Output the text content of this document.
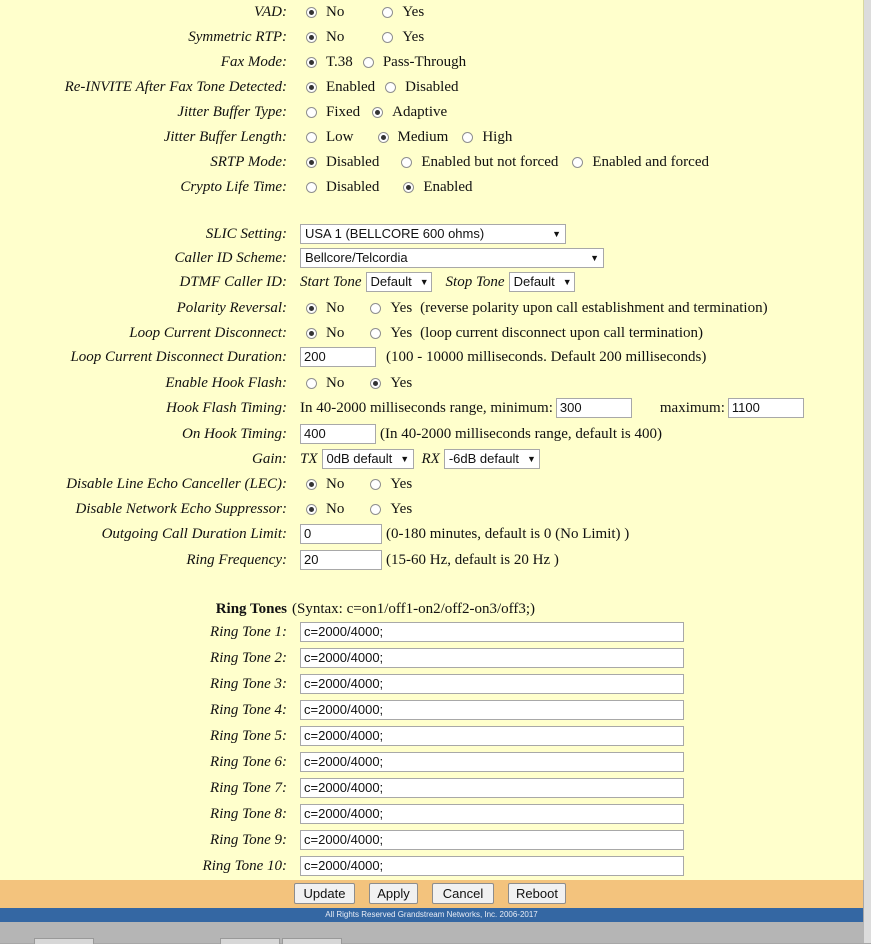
VAD:	No	Yes
Symmetric RTP:	No	Yes
Fax Mode:	T.38 Pass-Through
Re-INVITE After Fax Tone Detected:	Enabled Disabled
Jitter Buffer Type:	Fixed Adaptive
Jitter Buffer Length:	Low	Medium High
SRTP Mode:	Disabled	Enabled but not forced Enabled and forced
Crypto Life Time:	Disabled	Enabled
SLIC Setting: USA 1 (BELLCORE 600 ohms)	▼
Caller ID Scheme: Bellcore/Telcordia	▼
DTMF Caller ID: Start Tone Default ▼ Stop Tone Default ▼
Polarity Reversal:	No	Yes (reverse polarity upon call establishment and termination)
Loop Current Disconnect:	No	Yes (loop current disconnect upon call termination)
Loop Current Disconnect Duration:	200	(100 - 10000 milliseconds. Default 200 milliseconds)
Enable Hook Flash:	No	Yes
Hook Flash Timing: In 40-2000 milliseconds range, minimum: 300	maximum: 1100
On Hook Timing:	400	(In 40-2000 milliseconds range, default is 400)
Gain: TX 0dB default ▼ RX -6dB default ▼
Disable Line Echo Canceller (LEC):	No	Yes
Disable Network Echo Suppressor:	No	Yes
Outgoing Call Duration Limit:	0	(0-180 minutes, default is 0 (No Limit) )
Ring Frequency:	20	(15-60 Hz, default is 20 Hz )
Ring Tones (Syntax: c=on1/off1-on2/off2-on3/off3;)
Ring Tone 1:	c=2000/4000;
Ring Tone 2:	c=2000/4000;
Ring Tone 3:	c=2000/4000;
Ring Tone 4:	c=2000/4000;
Ring Tone 5:	c=2000/4000;
Ring Tone 6:	c=2000/4000;
Ring Tone 7:	c=2000/4000;
Ring Tone 8:	c=2000/4000;
Ring Tone 9:	c=2000/4000;
Ring Tone 10:	c=2000/4000;
Update	Apply	Cancel	Reboot
All Rights Reserved Grandstream Networks, Inc. 2006-2017
